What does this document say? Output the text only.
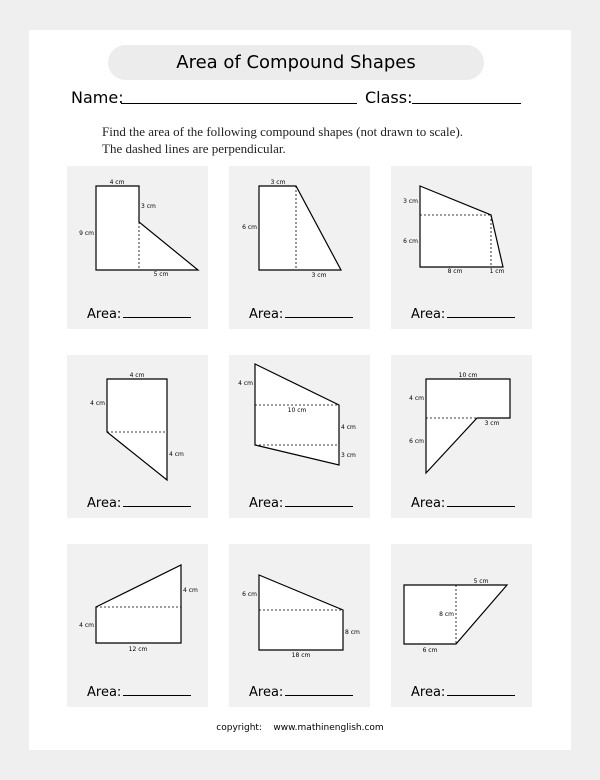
Area of Compound Shapes
Name:	Class:
Find the area of the following compound shapes (not drawn to scale).
The dashed lines are perpendicular.
4 cm
3 cm
9 cm
5 cm
Area:
3 cm
6 cm
3 cm
Area:
3 cm
6 cm
8 cm	1 cm
Area:
4 cm
4 cm
4 cm
Area:
4 cm
10 cm
4 cm
3 cm
Area:
10 cm
4 cm
3 cm
6 cm
Area:
4 cm
4 cm
12 cm
Area:
6 cm
8 cm
18 cm
Area:
5 cm
8 cm
6 cm
Area:
copyright: www.mathinenglish.com
